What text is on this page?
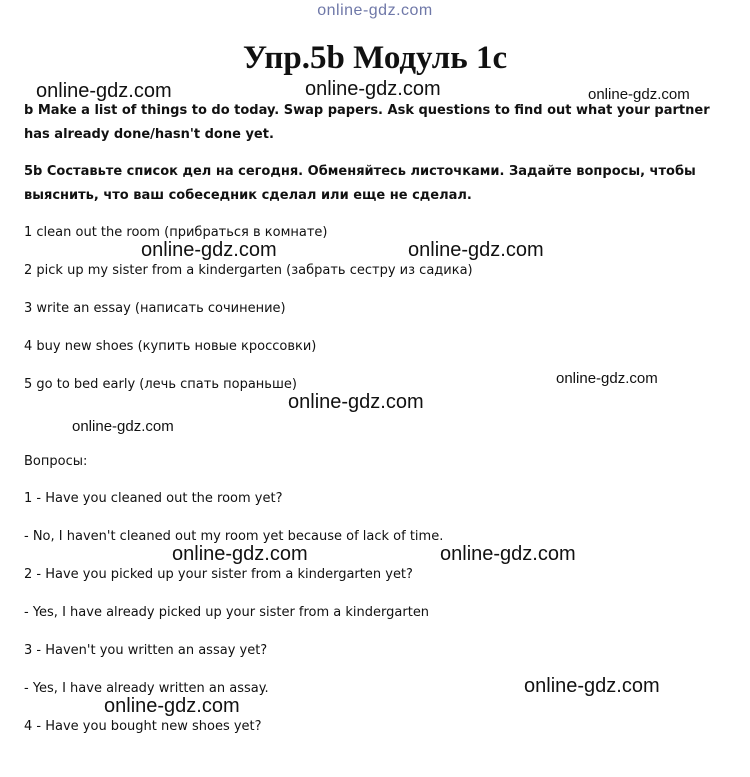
online-gdz.com
Упр.5b Модуль 1с
b Make a list of things to do today. Swap papers. Ask questions to find out what your partner has already done/hasn't done yet.
5b Составьте список дел на сегодня. Обменяйтесь листочками. Задайте вопросы, чтобы выяснить, что ваш собеседник сделал или еще не сделал.
1 clean out the room (прибраться в комнате)
2 pick up my sister from a kindergarten (забрать сестру из садика)
3 write an essay (написать сочинение)
4 buy new shoes (купить новые кроссовки)
5 go to bed early (лечь спать пораньше)
Вопросы:
1 - Have you cleaned out the room yet?
- No, I haven't cleaned out my room yet because of lack of time.
2 - Have you picked up your sister from a kindergarten yet?
- Yes, I have already picked up your sister from a kindergarten
3 - Haven't you written an assay yet?
- Yes, I have already written an assay.
4 - Have you bought new shoes yet?
online-gdz.com	online-gdz.com	online-gdz.com
online-gdz.com	online-gdz.com
online-gdz.com
online-gdz.com
online-gdz.com
online-gdz.com	online-gdz.com
online-gdz.com
online-gdz.com
